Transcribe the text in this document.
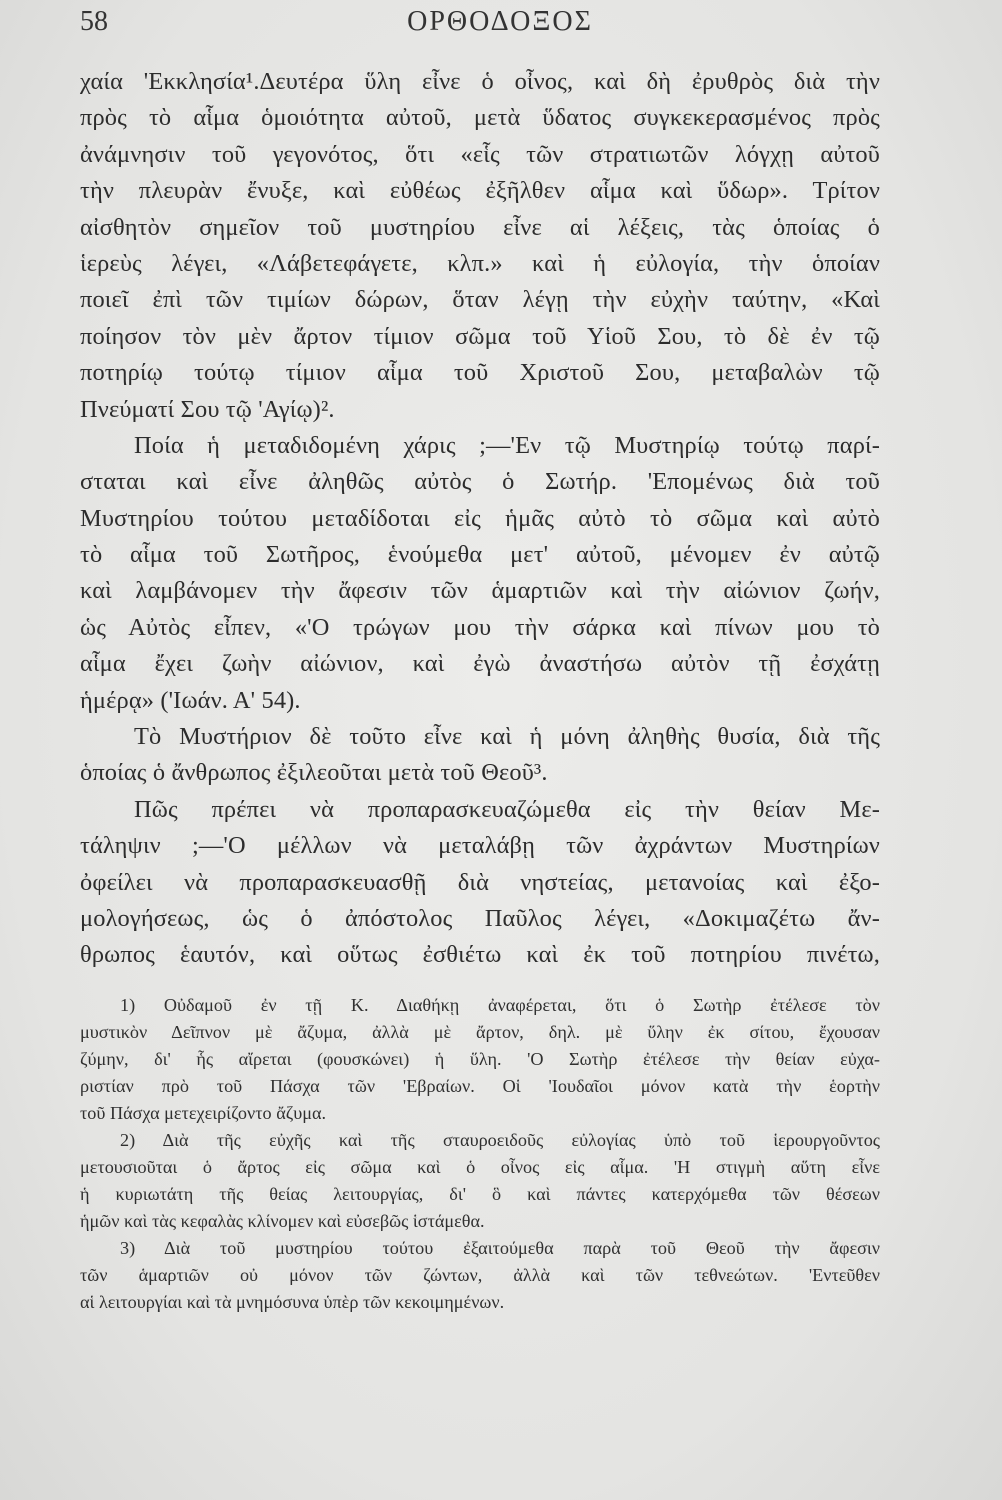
58	ΟΡΘΟΔΟΞΟΣ
χαία 'Εκκλησία¹.Δευτέρα ὕλη εἶνε ὁ οἶνος, καὶ δὴ ἐρυθρὸς διὰ τὴν
πρὸς τὸ αἷμα ὁμοιότητα αὐτοῦ, μετὰ ὕδατος συγκεκερασμένος πρὸς
ἀνάμνησιν τοῦ γεγονότος, ὅτι «εἷς τῶν στρατιωτῶν λόγχῃ αὐτοῦ
τὴν πλευρὰν ἔνυξε, καὶ εὐθέως ἐξῆλθεν αἷμα καὶ ὕδωρ». Τρίτον
αἰσθητὸν σημεῖον τοῦ μυστηρίου εἶνε αἱ λέξεις, τὰς ὁποίας ὁ
ἱερεὺς λέγει, «Λάβετεφάγετε, κλπ.» καὶ ἡ εὐλογία, τὴν ὁποίαν
ποιεῖ ἐπὶ τῶν τιμίων δώρων, ὅταν λέγῃ τὴν εὐχὴν ταύτην, «Καὶ
ποίησον τὸν μὲν ἄρτον τίμιον σῶμα τοῦ Υἱοῦ Σου, τὸ δὲ ἐν τῷ
ποτηρίῳ τούτῳ τίμιον αἷμα τοῦ Χριστοῦ Σου, μεταβαλὼν τῷ
Πνεύματί Σου τῷ 'Αγίῳ)².
Ποία ἡ μεταδιδομένη χάρις ;—'Εν τῷ Μυστηρίῳ τούτῳ παρί-
σταται καὶ εἶνε ἀληθῶς αὐτὸς ὁ Σωτήρ. 'Επομένως διὰ τοῦ
Μυστηρίου τούτου μεταδίδοται εἰς ἡμᾶς αὐτὸ τὸ σῶμα καὶ αὐτὸ
τὸ αἷμα τοῦ Σωτῆρος, ἑνούμεθα μετ' αὐτοῦ, μένομεν ἐν αὐτῷ
καὶ λαμβάνομεν τὴν ἄφεσιν τῶν ἁμαρτιῶν καὶ τὴν αἰώνιον ζωήν,
ὡς Αὐτὸς εἶπεν, «'Ο τρώγων μου τὴν σάρκα καὶ πίνων μου τὸ
αἷμα ἔχει ζωὴν αἰώνιον, καὶ ἐγὼ ἀναστήσω αὐτὸν τῇ ἐσχάτῃ
ἡμέρᾳ» ('Ιωάν. Α' 54).
Τὸ Μυστήριον δὲ τοῦτο εἶνε καὶ ἡ μόνη ἀληθὴς θυσία, διὰ τῆς
ὁποίας ὁ ἄνθρωπος ἐξιλεοῦται μετὰ τοῦ Θεοῦ³.
Πῶς πρέπει νὰ προπαρασκευαζώμεθα εἰς τὴν θείαν Με-
τάληψιν ;—'Ο μέλλων νὰ μεταλάβῃ τῶν ἀχράντων Μυστηρίων
ὀφείλει νὰ προπαρασκευασθῇ διὰ νηστείας, μετανοίας καὶ ἐξο-
μολογήσεως, ὡς ὁ ἀπόστολος Παῦλος λέγει, «Δοκιμαζέτω ἄν-
θρωπος ἑαυτόν, καὶ οὕτως ἐσθιέτω καὶ ἐκ τοῦ ποτηρίου πινέτω,
1) Οὐδαμοῦ ἐν τῇ Κ. Διαθήκῃ ἀναφέρεται, ὅτι ὁ Σωτὴρ ἐτέλεσε τὸν
μυστικὸν Δεῖπνον μὲ ἄζυμα, ἀλλὰ μὲ ἄρτον, δηλ. μὲ ὕλην ἐκ σίτου, ἔχουσαν
ζύμην, δι' ἧς αἴρεται (φουσκώνει) ἡ ὕλη. 'Ο Σωτὴρ ἐτέλεσε τὴν θείαν εὐχα-
ριστίαν πρὸ τοῦ Πάσχα τῶν 'Εβραίων. Οἱ 'Ιουδαῖοι μόνον κατὰ τὴν ἑορτὴν
τοῦ Πάσχα μετεχειρίζοντο ἄζυμα.
2) Διὰ τῆς εὐχῆς καὶ τῆς σταυροειδοῦς εὐλογίας ὑπὸ τοῦ ἱερουργοῦντος
μετουσιοῦται ὁ ἄρτος εἰς σῶμα καὶ ὁ οἶνος εἰς αἷμα. 'Η στιγμὴ αὕτη εἶνε
ἡ κυριωτάτη τῆς θείας λειτουργίας, δι' ὃ καὶ πάντες κατερχόμεθα τῶν θέσεων
ἡμῶν καὶ τὰς κεφαλὰς κλίνομεν καὶ εὐσεβῶς ἱστάμεθα.
3) Διὰ τοῦ μυστηρίου τούτου ἐξαιτούμεθα παρὰ τοῦ Θεοῦ τὴν ἄφεσιν
τῶν ἁμαρτιῶν οὐ μόνον τῶν ζώντων, ἀλλὰ καὶ τῶν τεθνεώτων. 'Εντεῦθεν
αἱ λειτουργίαι καὶ τὰ μνημόσυνα ὑπὲρ τῶν κεκοιμημένων.
